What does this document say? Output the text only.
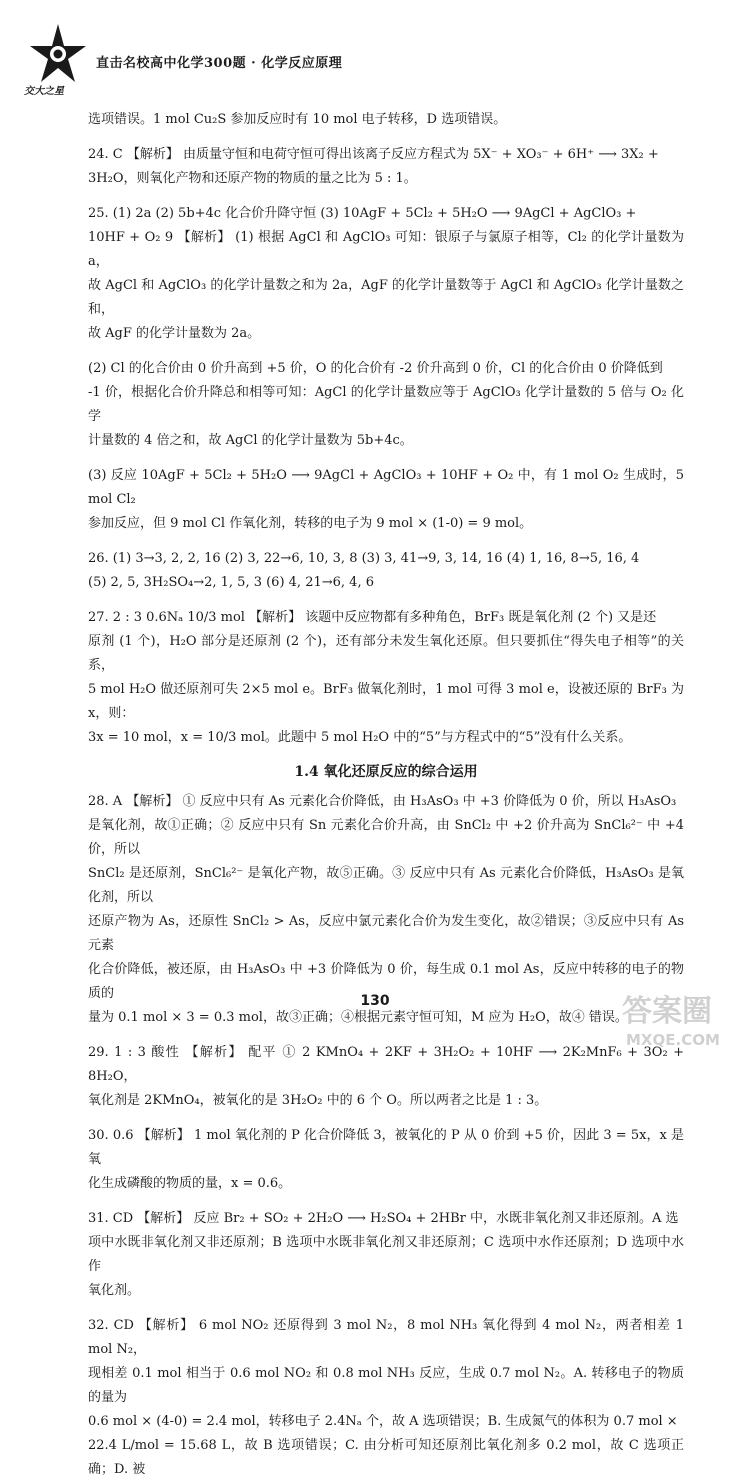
交大之星
直击名校高中化学300题 · 化学反应原理

选项错误。1 mol Cu₂S 参加反应时有 10 mol 电子转移，D 选项错误。

24. C 【解析】 由质量守恒和电荷守恒可得出该离子反应方程式为 5X⁻ + XO₃⁻ + 6H⁺ ⟶ 3X₂ +

3H₂O，则氧化产物和还原产物的物质的量之比为 5 : 1。

25. (1) 2a (2) 5b+4c 化合价升降守恒 (3) 10AgF + 5Cl₂ + 5H₂O ⟶ 9AgCl + AgClO₃ +

10HF + O₂ 9 【解析】 (1) 根据 AgCl 和 AgClO₃ 可知：银原子与氯原子相等，Cl₂ 的化学计量数为 a，

故 AgCl 和 AgClO₃ 的化学计量数之和为 2a，AgF 的化学计量数等于 AgCl 和 AgClO₃ 化学计量数之和，

故 AgF 的化学计量数为 2a。

(2) Cl 的化合价由 0 价升高到 +5 价，O 的化合价有 -2 价升高到 0 价，Cl 的化合价由 0 价降低到

-1 价，根据化合价升降总和相等可知：AgCl 的化学计量数应等于 AgClO₃ 化学计量数的 5 倍与 O₂ 化学

计量数的 4 倍之和，故 AgCl 的化学计量数为 5b+4c。

(3) 反应 10AgF + 5Cl₂ + 5H₂O ⟶ 9AgCl + AgClO₃ + 10HF + O₂ 中，有 1 mol O₂ 生成时，5 mol Cl₂

参加反应，但 9 mol Cl 作氧化剂，转移的电子为 9 mol × (1-0) = 9 mol。

26. (1) 3→3, 2, 2, 16 (2) 3, 22→6, 10, 3, 8 (3) 3, 41→9, 3, 14, 16 (4) 1, 16, 8→5, 16, 4

(5) 2, 5, 3H₂SO₄→2, 1, 5, 3 (6) 4, 21→6, 4, 6

27. 2 : 3 0.6Nₐ 10/3 mol 【解析】 该题中反应物都有多种角色，BrF₃ 既是氧化剂 (2 个) 又是还

原剂 (1 个)，H₂O 部分是还原剂 (2 个)，还有部分未发生氧化还原。但只要抓住“得失电子相等”的关系，

5 mol H₂O 做还原剂可失 2×5 mol e。BrF₃ 做氧化剂时，1 mol 可得 3 mol e，设被还原的 BrF₃ 为 x，则：

3x = 10 mol，x = 10/3 mol。此题中 5 mol H₂O 中的“5”与方程式中的“5”没有什么关系。

1.4 氧化还原反应的综合运用

28. A 【解析】 ① 反应中只有 As 元素化合价降低，由 H₃AsO₃ 中 +3 价降低为 0 价，所以 H₃AsO₃

是氧化剂，故①正确；② 反应中只有 Sn 元素化合价升高，由 SnCl₂ 中 +2 价升高为 SnCl₆²⁻ 中 +4 价，所以

SnCl₂ 是还原剂，SnCl₆²⁻ 是氧化产物，故⑤正确。③ 反应中只有 As 元素化合价降低，H₃AsO₃ 是氧化剂，所以

还原产物为 As，还原性 SnCl₂ > As，反应中氯元素化合价为发生变化，故②错误；③反应中只有 As 元素

化合价降低，被还原，由 H₃AsO₃ 中 +3 价降低为 0 价，每生成 0.1 mol As，反应中转移的电子的物质的

量为 0.1 mol × 3 = 0.3 mol，故③正确；④根据元素守恒可知，M 应为 H₂O，故④ 错误。

29. 1 : 3 酸性 【解析】 配平 ① 2 KMnO₄ + 2KF + 3H₂O₂ + 10HF ⟶ 2K₂MnF₆ + 3O₂ + 8H₂O，

氧化剂是 2KMnO₄，被氧化的是 3H₂O₂ 中的 6 个 O。所以两者之比是 1 : 3。

30. 0.6 【解析】 1 mol 氧化剂的 P 化合价降低 3，被氧化的 P 从 0 价到 +5 价，因此 3 = 5x，x 是氧

化生成磷酸的物质的量，x = 0.6。

31. CD 【解析】 反应 Br₂ + SO₂ + 2H₂O ⟶ H₂SO₄ + 2HBr 中，水既非氧化剂又非还原剂。A 选

项中水既非氧化剂又非还原剂；B 选项中水既非氧化剂又非还原剂；C 选项中水作还原剂；D 选项中水作

氧化剂。

32. CD 【解析】 6 mol NO₂ 还原得到 3 mol N₂，8 mol NH₃ 氧化得到 4 mol N₂，两者相差 1 mol N₂，

现相差 0.1 mol 相当于 0.6 mol NO₂ 和 0.8 mol NH₃ 反应，生成 0.7 mol N₂。A. 转移电子的物质的量为

0.6 mol × (4-0) = 2.4 mol，转移电子 2.4Nₐ 个，故 A 选项错误；B. 生成氮气的体积为 0.7 mol ×

22.4 L/mol = 15.68 L，故 B 选项错误；C. 由分析可知还原剂比氧化剂多 0.2 mol，故 C 选项正确；D. 被

130	答案圈
MXQE.COM
